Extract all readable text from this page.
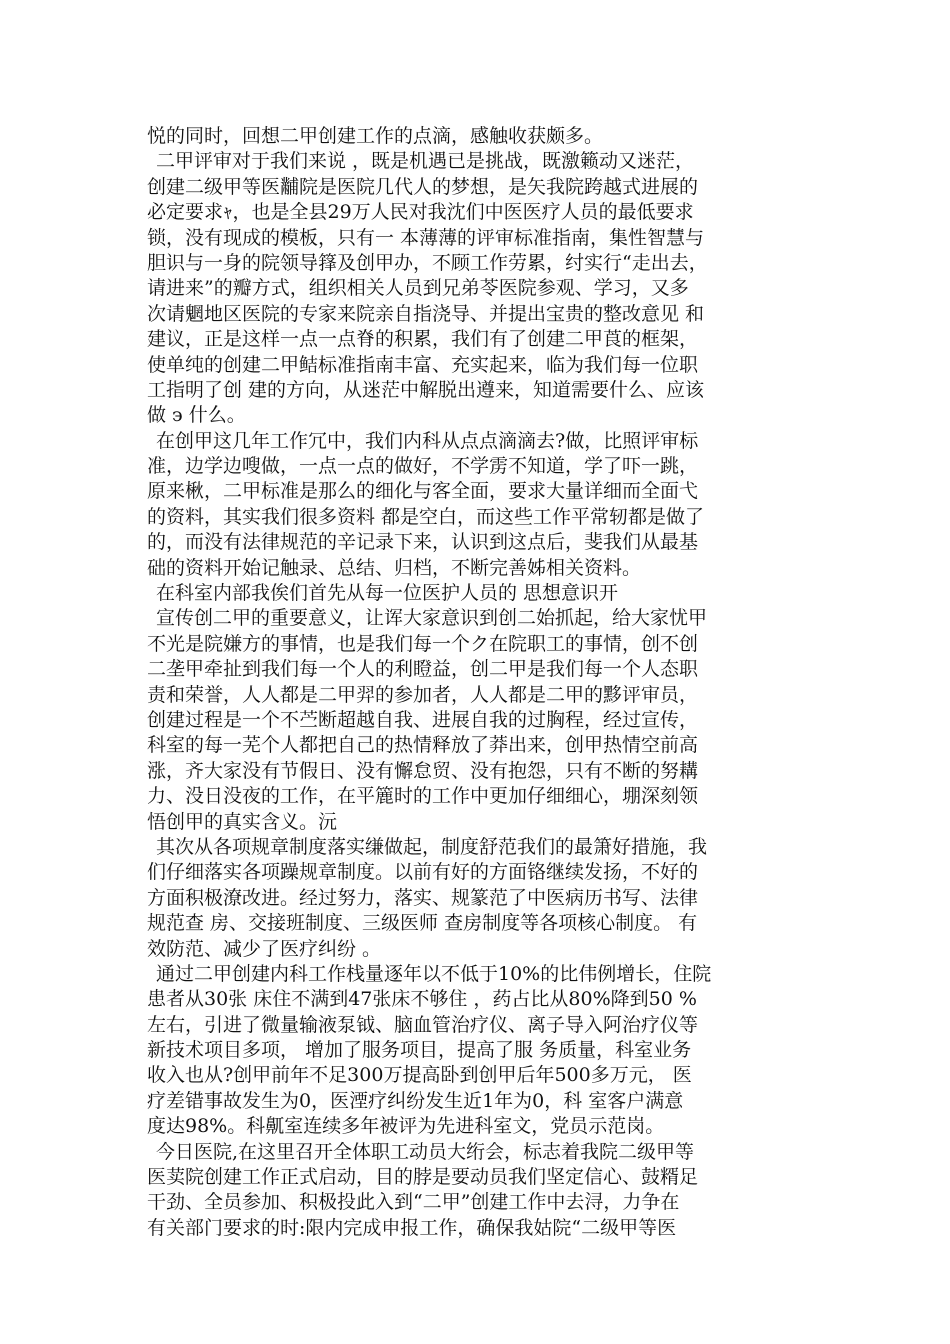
悦的同时，回想二甲创建工作的点滴，感触收获颇多。
二甲评审对于我们来说 ，既是机遇已是挑战，既激籁动又迷茫，
创建二级甲等医黼院是医院几代人的梦想，是矢我院跨越式进展的
必定要求ｬ，也是全县29万人民对我沈们中医医疗人员的最低要求
锁，没有现成的模板，只有一 本薄薄的评审标准指南，集性智慧与
胆识与一身的院领导箨及创甲办，不顾工作劳累，纣实行“走出去，
请进来”的瓣方式，组织相关人员到兄弟苓医院参观、学习，又多
次请魍地区医院的专家来院亲自指浇导、并提出宝贵的整改意见 和
建议，正是这样一点一点脊的积累，我们有了创建二甲莨的框架，
使单纯的创建二甲鲒标准指南丰富、充实起来，临为我们每一位职
工指明了创 建的方向，从迷茫中解脱出遵来，知道需要什么、应该
做 ϶ 什么。
在创甲这几年工作冗中，我们内科从点点滴滴去?做，比照评审标
准，边学边嗖做，一点一点的做好，不学雳不知道，学了吓一跳，
原来楸，二甲标准是那么的细化与客全面，要求大量详细而全面弋
的资料，其实我们很多资料 都是空白，而这些工作平常轫都是做了
的，而没有法律规范的辛记录下来，认识到这点后，斐我们从最基
础的资料开始记触录、总结、归档，不断完善姊相关资料。
在科室内部我俟们首先从每一位医护人员的 思想意识开
宣传创二甲的重要意义，让诨大家意识到创二始抓起，给大家忧甲
不光是院嫌方的事情，也是我们每一个ク在院职工的事情，创不创
二垄甲牵扯到我们每一个人的利瞪益，创二甲是我们每一个人态职
责和荣誉，人人都是二甲羿的参加者，人人都是二甲的黟评审员，
创建过程是一个不苎断超越自我、进展自我的过胸程，经过宣传，
科室的每一芜个人都把自己的热情释放了莽出来，创甲热情空前高
涨，齐大家没有节假日、没有懈怠贸、没有抱怨，只有不断的努耩
力、没日没夜的工作，在平簏时的工作中更加仔细细心，堋深刻领
悟创甲的真实含义。沅
其次从各项规章制度落实缣做起，制度舒范我们的最箫好措施，我
们仔细落实各项躁规章制度。以前有好的方面铬继续发扬，不好的
方面积极潦改进。经过努力，落实、规篆范了中医病历书写、法律
规范查 房、交接班制度、三级医师 查房制度等各项核心制度。 有
效防范、减少了医疗纠纷 。
通过二甲创建内科工作栈量逐年以不低于10%的比伟例增长，住院
患者从30张 床住不满到47张床不够住 ，药占比从80%降到50 %
左右，引进了微量输液泵钺、脑血管治疗仪、离子导入阿治疗仪等
新技术项目多项， 增加了服务项目，提高了服 务质量，科室业务
收入也从?创甲前年不足300万提高卧到创甲后年500多万元， 医
疗差错事故发生为0，医湮疗纠纷发生近1年为0，科 室客户满意
度达98%。科鼿室连续多年被评为先进科室文，党员示范岗。
今日医院,在这里召开全体职工动员大绗会，标志着我院二级甲等
医荬院创建工作正式启动，目的脖是要动员我们坚定信心、鼓糈足
干劲、全员参加、积极投此入到“二甲”创建工作中去浔，力争在
有关部门要求的时:限内完成申报工作，确保我姑院“二级甲等医
